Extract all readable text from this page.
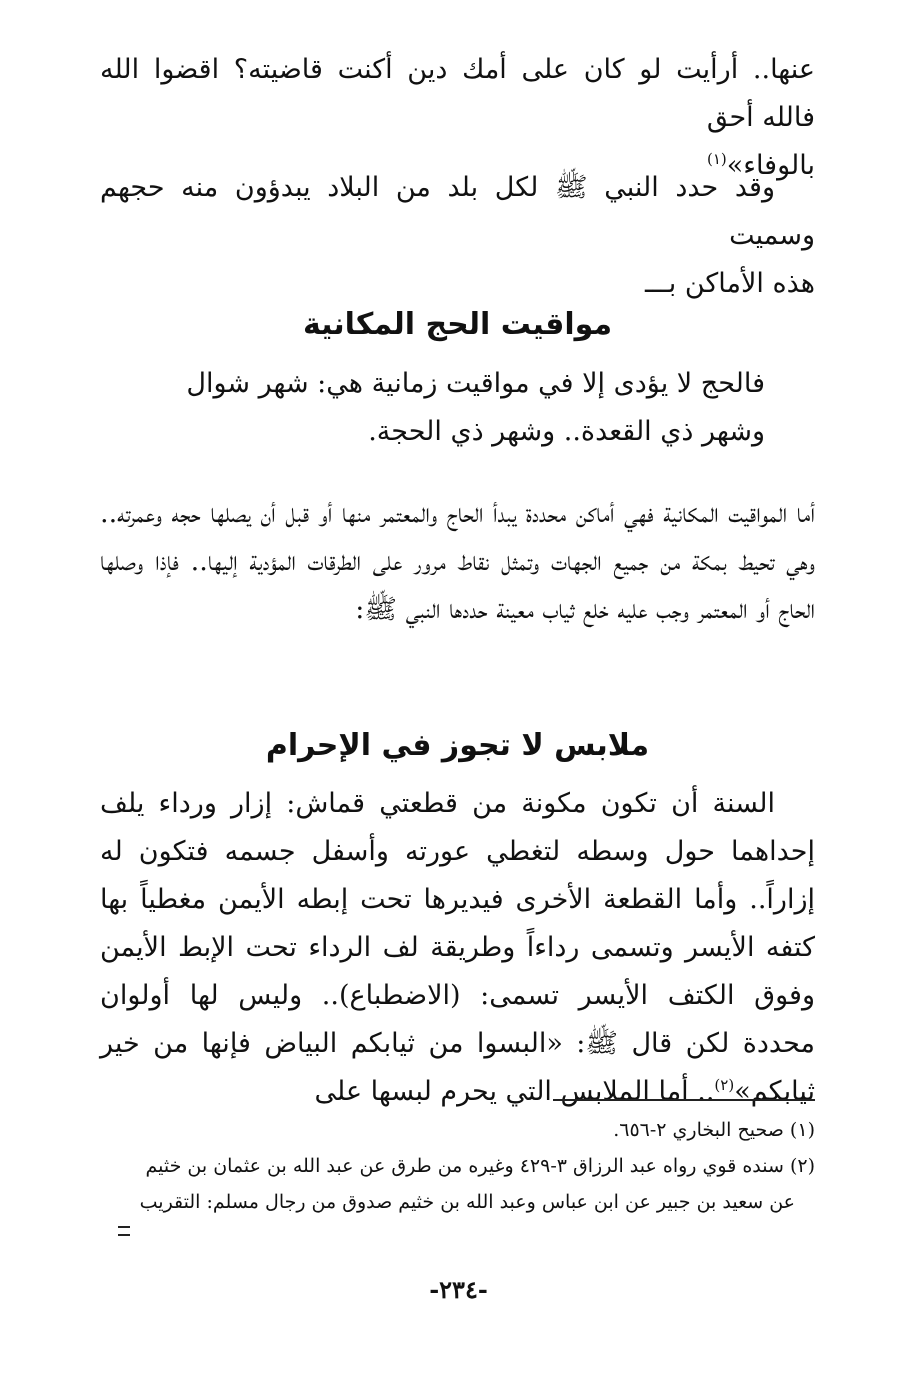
عنها.. أرأيت لو كان على أمك دين أكنت قاضيته؟ اقضوا الله فالله أحق

بالوفاء»$^{(١)}$

وقد حدد النبي ﷺ لكل بلد من البلاد يبدؤون منه حجهم وسميت

هذه الأماكن بـــ

مواقيت الحج المكانية

فالحج لا يؤدى إلا في مواقيت زمانية هي: شهر شوال

وشهر ذي القعدة.. وشهر ذي الحجة.

أما المواقيت المكانية فهي أماكن محددة يبدأ الحاج والمعتمر منها أو قبل أن يصلها حجه وعمرته.. وهي تحيط بمكة من جميع الجهات وتمثل نقاط مرور على الطرقات المؤدية إليها.. فإذا وصلها الحاج أو المعتمر وجب عليه خلع ثياب معينة حددها النبي ﷺ:

ملابس لا تجوز في الإحرام

السنة أن تكون مكونة من قطعتي قماش: إزار ورداء يلف إحداهما حول وسطه لتغطي عورته وأسفل جسمه فتكون له إزاراً.. وأما القطعة الأخرى فيديرها تحت إبطه الأيمن مغطياً بها كتفه الأيسر وتسمى رداءاً وطريقة لف الرداء تحت الإبط الأيمن وفوق الكتف الأيسر تسمى: (الاضطباع).. وليس لها أولوان محددة لكن قال ﷺ: «البسوا من ثيابكم البياض فإنها من خير ثيابكم»$^{(٢)}$.. أما الملابس التي يحرم لبسها على

(١) صحيح البخاري ٢-٦٥٦.

(٢) سنده قوي رواه عبد الرزاق ٣-٤٢٩ وغيره من طرق عن عبد الله بن عثمان بن خثيم

عن سعيد بن جبير عن ابن عباس وعبد الله بن خثيم صدوق من رجال مسلم: التقريب

-٢٣٤-
